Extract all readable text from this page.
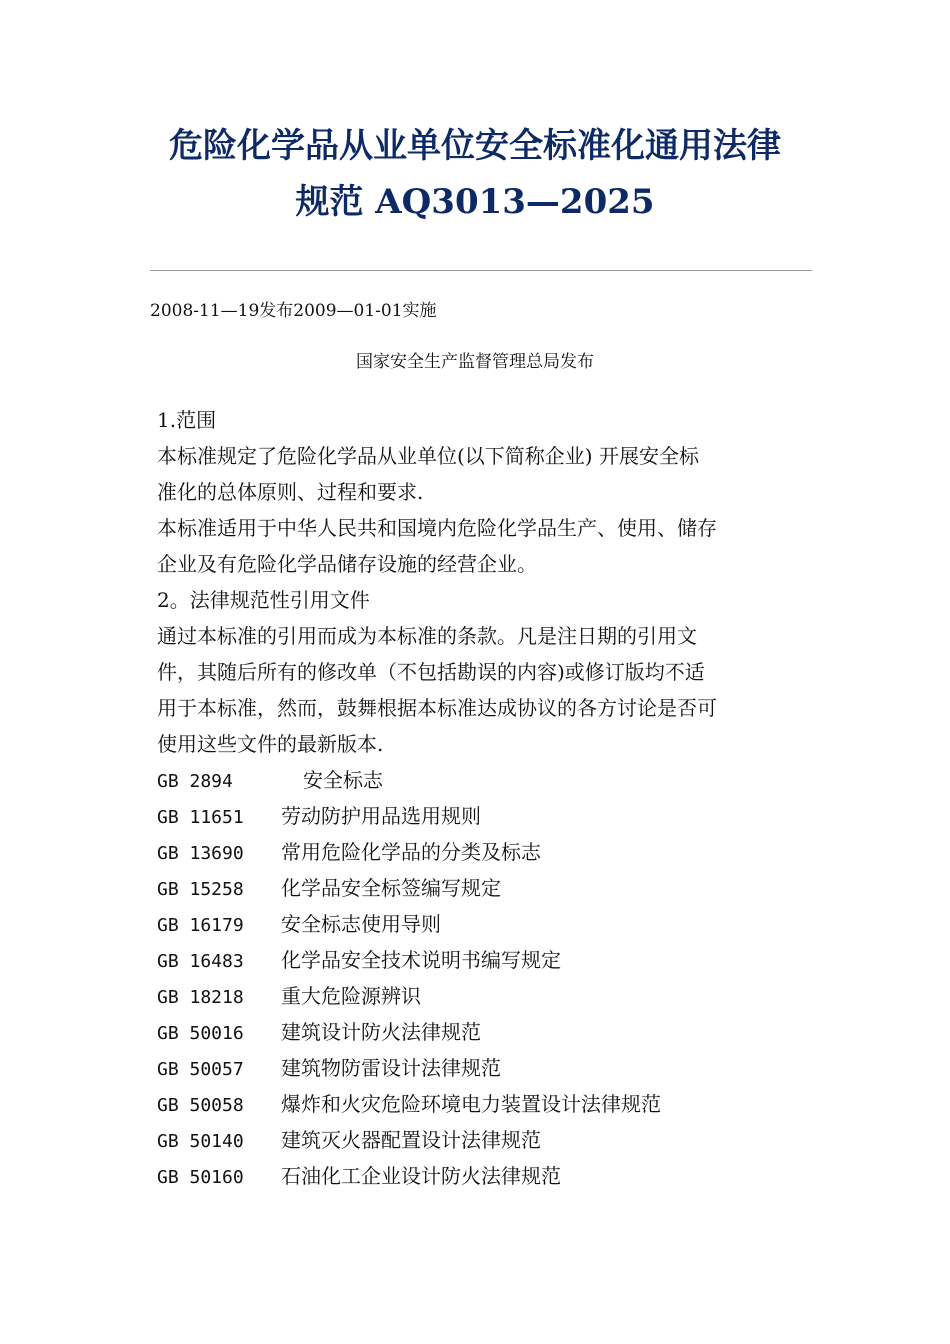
危险化学品从业单位安全标准化通用法律
规范 AQ3013—2025
2008-11—19发布2009—01-01实施
国家安全生产监督管理总局发布
1.范围
本标准规定了危险化学品从业单位(以下简称企业) 开展安全标
准化的总体原则、过程和要求.
本标准适用于中华人民共和国境内危险化学品生产、使用、储存
企业及有危险化学品储存设施的经营企业。
2。法律规范性引用文件
通过本标准的引用而成为本标准的条款。凡是注日期的引用文
件，其随后所有的修改单（不包括勘误的内容)或修订版均不适
用于本标准，然而，鼓舞根据本标准达成协议的各方讨论是否可
使用这些文件的最新版本.
GB 2894	安全标志
GB 11651 劳动防护用品选用规则
GB 13690 常用危险化学品的分类及标志
GB 15258 化学品安全标签编写规定
GB 16179 安全标志使用导则
GB 16483 化学品安全技术说明书编写规定
GB 18218 重大危险源辨识
GB 50016 建筑设计防火法律规范
GB 50057 建筑物防雷设计法律规范
GB 50058 爆炸和火灾危险环境电力装置设计法律规范
GB 50140 建筑灭火器配置设计法律规范
GB 50160 石油化工企业设计防火法律规范
